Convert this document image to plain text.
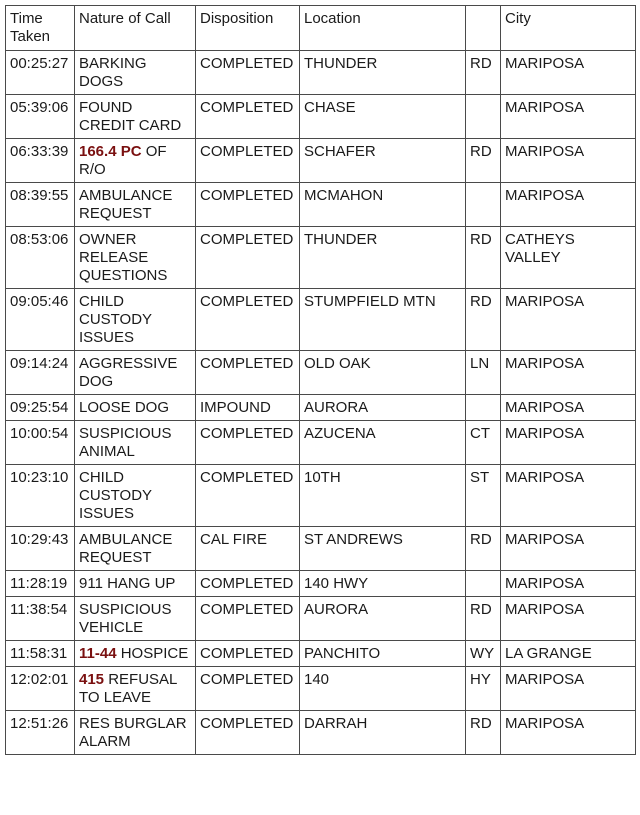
Time Taken	Nature of Call	Disposition	Location		City
00:25:27	BARKING DOGS	COMPLETED	THUNDER	RD	MARIPOSA
05:39:06	FOUND CREDIT CARD	COMPLETED	CHASE		MARIPOSA
06:33:39	166.4 PC OF R/O	COMPLETED	SCHAFER	RD	MARIPOSA
08:39:55	AMBULANCE REQUEST	COMPLETED	MCMAHON		MARIPOSA
08:53:06	OWNER RELEASE QUESTIONS	COMPLETED	THUNDER	RD	CATHEYS VALLEY
09:05:46	CHILD CUSTODY ISSUES	COMPLETED	STUMPFIELD MTN	RD	MARIPOSA
09:14:24	AGGRESSIVE DOG	COMPLETED	OLD OAK	LN	MARIPOSA
09:25:54	LOOSE DOG	IMPOUND	AURORA		MARIPOSA
10:00:54	SUSPICIOUS ANIMAL	COMPLETED	AZUCENA	CT	MARIPOSA
10:23:10	CHILD CUSTODY ISSUES	COMPLETED	10TH	ST	MARIPOSA
10:29:43	AMBULANCE REQUEST	CAL FIRE	ST ANDREWS	RD	MARIPOSA
11:28:19	911 HANG UP	COMPLETED	140 HWY		MARIPOSA
11:38:54	SUSPICIOUS VEHICLE	COMPLETED	AURORA	RD	MARIPOSA
11:58:31	11-44 HOSPICE	COMPLETED	PANCHITO	WY	LA GRANGE
12:02:01	415 REFUSAL TO LEAVE	COMPLETED	140	HY	MARIPOSA
12:51:26	RES BURGLAR ALARM	COMPLETED	DARRAH	RD	MARIPOSA
